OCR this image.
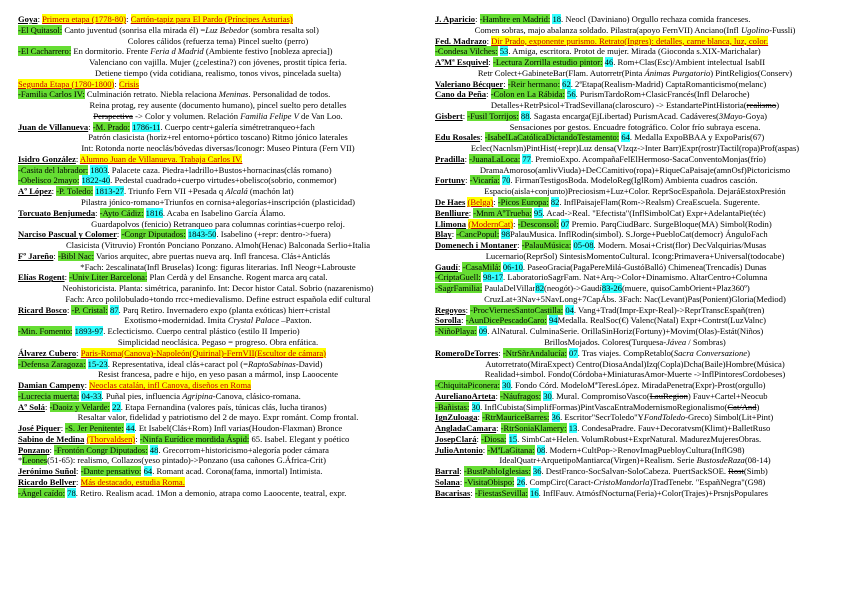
Goya: Primera etapa (1778-80): Cartón-tapiz para El Pardo (Príncipes Asturias)
-El Quitasol: Canto juventud (sonrisa ella mirada él) =Luz Bebedor (sombra resalta sol)
Colores cálidos (refuerza tema) Pincel suelto (perro)
-El Cacharrero: En dormitorio. Frente Feria d Madrid (Ambiente festivo [nobleza aprecia])
Valenciano con vajilla. Mujer (¿celestina?) con jóvenes, prostit típica feria.
Detiene tiempo (vida cotidiana, realismo, tonos vivos, pincelada suelta)
Segunda Etapa (1780-1800): Crisis
-Familia Carlos IV: Culminación retrato. Niebla relaciona Meninas. Personalidad de todos.
Reina protag, rey ausente (documento humano), pincel suelto pero detalles
Perspectiva -> Color y volumen. Relación Familia Felipe V de Van Loo.
Juan de Villanueva: -M. Prado: 1786-11. Cuerpo centr+galería simétretranqueo+fach
Patrón clasicista (horiz+rel entorno+pórtico toscano) Ritmo jónico laterales
Int: Rotonda norte neoclás/bóvedas diversas/Iconogr: Museo Pintura (Fern VII)
Isidro González: Alumno Juan de Villanueva. Trabaja Carlos IV.
-Casita del labrador: 1803. Palacete caza. Piedra+ladrillo+Bustos+hornacinas(clás romano)
-Obelisco 2mayo: 1822-40. Pedestal cuadrado+cuerpo virtudes+obelisco(sobrio, conmemor)
Aº López: -P. Toledo: 1813-27. Triunfo Fern VII +Pesada q Alcalá (machón lat)
Pilastra jónico-romano+Triunfos en cornisa+alegorías+inscripción (plasticidad)
Torcuato Benjumeda: -Ayto Cádiz: 1816. Acaba en Isabelino García Álamo.
Guardapolvos (fenicio) Retranqueo para columnas corintias+cuerpo reloj.
Narciso Pascual y Colomer: -Congr Diputados: 1843-50. Isabelino (+repr: dentro->fuera)
Clasicista (Vitruvio) Frontón Ponciano Ponzano. Almoh(Henac) Balconada Serlio+Italia
Fº Jareño: -Bibl Nac: Varios arquitec, abre puertas nueva arq. Infl francesa. Clás+Anticlás
*Fach: 2escalinata(Infl Bruselas) Icong: figuras literarias. Infl Neogr+Labrouste
Elías Rogent: -Univ Liter Barcelona: Plan Cerdà y del Ensanche. Rogent marca arq catal.
Neohistoricista. Planta: simétrica, paraninfo. Int: Decor histor Catal. Sobrio (nazarenismo)
Fach: Arco polilobulado+tondo rrcc+medievalismo. Define estruct española edif cultural
Ricard Bosco: -P. Cristal: 87. Parq Retiro. Invernadero expo (planta exóticas) hierr+cristal
Exotismo+modernidad. Imita Crystal Palace –Paxton.
-Min. Fomento: 1893-97. Eclecticismo. Cuerpo central plástico (estilo II Imperio)
Simplicidad neoclásica. Pegaso = progreso. Obra enfática.
Álvarez Cubero: Paris-Roma(Canova)-Napoleón(Quirinal)-FernVII(Escultor de cámara)
-Defensa Zaragoza: 15-23. Representativa, ideal clás+caract pol (=RaptoSabinas-David)
Resist francesa, padre e hijo, en yeso pasan a mármol, insp Laoocente
Damian Campeny: Neoclas catalán, infl Canova, diseños en Roma
-Lucrecia muerta: 04-33. Puñal pies, influencia Agripina-Canova, clásico-romana.
Aº Solá: -Daoiz y Velarde: 22. Etapa Fernandina (valores país, túnicas clás, lucha tiranos)
Resaltar valor, fidelidad y patriotismo del 2 de mayo. Expr románt. Comp frontal.
José Piquer: -S. Jer Penitente: 44. Et Isabel(Clás+Rom) Infl varias(Houdon-Flaxman) Bronce
Sabino de Medina (Thorvaldsen): -Ninfa Eurídice mordida Áspid: 65. Isabel. Elegant y poético
Ponzano: -Frontón Congr Diputados: 48. Grecorrom+historicismo+alegoría poder cámara
*Leones(51-65): realismo, Collazos(yeso pintado)->Ponzano (usa cañones G.África-Crit)
Jerónimo Suñol: -Dante pensativo: 64. Romant acad. Corona(fama, inmortal) Intimista.
Ricardo Bellver: Más destacado, estudia Roma.
-Ángel caído: 78. Retiro. Realism acad. 1Mon a demonio, atrapa como Laoocente, teatral, expr.
J. Aparicio: -Hambre en Madrid: 18. Neocl (Daviniano) Orgullo rechaza comida franceses.
Comen sobras, majo abalanza soldado. Pilastra(apoyo FernVII) Anciano(Infl Ugolino-Fussli)
Fed. Madrazo: Dir Prado, exponente purismo. Retrato(Ingres): detalles, carne blanca, luz, color.
-Condesa Vilches: 53. Amiga, escritora. Protot de mujer. Mirada (Gioconda s.XIX-Marichalar)
AºMª Esquivel: -Lectura Zorrilla estudio pintor: 46. Rom+Clas(Esc)/Ambient intelectual IsabII
Retr Colect+GabineteBar(Flam. Autorretr(Pinta Ánimas Purgatorio) PintReligios(Conserv)
Valeriano Bécquer: -Reir hermano: 62. 2ªEtapa(Realism-Madrid) CaptaRomanticismo(melanc)
Cano da Peña: -Colon en La Rábida: 56. PurismTardoRom+ClasicFrancés(Infl Delaroche)
Detalles+RetrPsicol+TradSevillana(claroscuro) -> EstandartePintHistoria(realismo)
Gisbert: -Fusil Torrijos: 88. Sagasta encarga(EjLibertad) PurismAcad. Cadáveres(3Mayo-Goya)
Sensaciones por gestos. Encuadre fotográfico. Color frío subraya escena.
Edu Rosales: -IsabelLaCatólicaDictandoTestamento: 64. Medalla ExpoBBAA y ExpoParis(67)
Eclec(Nacnlsm)PintHist(+repr)Luz densa(Vlzqz->Inter Barr)Expr(rostr)Tactil(ropa)Prof(aspas)
Pradilla: -JuanaLaLoca: 77. PremioExpo. AcompañaFelElHermoso-SacaConventoMonjas(frío)
DramaAmoroso(amlivViuda)+DeCCamitivo(ropa)+RiqueCaPaisaje(amnOsf)Pictoricismo
Fortuny: -Vicaría: 70. FirmanTestigosBoda. ModeloReg(IglRom) Ambienta cuadros casción.
Espacio(aisla+conjunto)Preciosism+Luz+Color. ReprSocEspañola. DejaráEstoxPresión
De Haes (Belga): -Picos Europa: 82. InflPaisajeFlam(Rom->Realsm) CreaEscuela. Sugerente.
Benlliure: -Mnm AºTrueba: 95. Acad->Real. "Efectista"(InflSimbolCat) Expr+AdelantaPie(téc)
Llimona (ModernCat): -Desconsol: 07 Premio. ParqCiudBarc. SurgeBloque(MA) Simbol(Rodin)
Blay: -CancPopul: 98PalauMusica. InflRodin(simbol). S.Jorge+PuebloCat(democr) ÁnguloFach
Domenech i Montaner: -PalauMúsica: 05-08. Modern. Mosai+Crist(flor) DecValquirias/Musas
Lucernario(ReprSol) SintesisMomentoCultural. Icong:Primavera+Universal(todocabe)
Gaudí: -CasaMilá: 06-10. PaseoGracia(PagaPereMilá-GustóBalló) Chimenea(Trencadís) Dunas
-CriptaGuell: 98-17. LaboratorioSagrFam. Nat+Arq->Color+Dinamismo. AltarCentro+Columna
-SagrFamilia: PaulaDelVillar82(neogót)->Gaudí83-26(muere, quisoCambOrient+Plaz360º)
CruzLat+3Nav+5NavLong+7CapÁbs. 3Fach: Nac(Levant)Pas(Ponient)Gloria(Mediod)
Regoyos: -ProcViernesSantoCastilla: 04. Vang+Trad(Impr-Expr-Real)->ReprTranscEspañ(tren)
Sorolla: -AunDicePescadoCaro: 94Medalla. RealSoc(€) Valenc(Natal) Expr+Contrst(LuzValnc)
-NiñoPlaya: 09. AlNatural. CulminaSerie. OrillaSinHoriz(Fortuny)+Movim(Olas)-Estát(Niños)
BrillosMojados. Colores(Turquesa-Jávea / Sombras)
RomeroDeTorres: -NtrSñrAndalucía: 07. Tras viajes. CompRetablo(Sacra Conversazione)
Autorretrato(MiraExpect) Centro(DiosaAndal)Izq(Copla)Dcha(Baile)Hombre(Música)
Realidad+simbol. Fondo(Córdoba+MiniaturasAmor-Muerte ->InflPintoresCordobeses)
-ChiquitaPiconera: 30. Fondo Córd. ModeloMªTeresLópez. MiradaPenetra(Expr)-Prost(orgullo)
AurelianoArteta: -Náufragos: 30. Mural. CompromisoVasco(LauRegion) Fauv+Cartel+Neocub
-Bañistas: 30. InflCubista(SimplifFormas)PintVascaEntraModernismoRegionalismo(Cat/And)
IgnZuloaga: -RtrMauriceBarres: 36. Escritor"SecrToledo"YFondToledo-Greco) Simbol(Lit+Pint)
AngladaCamara: -RtrSoniaKlamery: 13. CondesaPradre. Fauv+Decoratvsm(Klimt)+BalletRuso
JosepClará: -Diosa: 15. SimbCat+Helen. VolumRobust+ExprNatural. MadurezMujeresObras.
JulioAntonio: -MªLaGitana: 08. Modern+CultPop->RenovImagPuebloyCultura(InflG98)
IdealQuatr+ArquetipoMantiarca(Virgen)+Realism. Serie BustosdeRaza(08-14)
Barral: -BustPabloIglesias: 36. DestFranco-SocSalvan-SoloCabeza. PuertSackSOE. Rost(Simb)
Solana: -VisitaObispo: 26. CompCirc(Caract-CristoMandorla)TradTenebr. "EspañNegra"(G98)
Bacarisas: -FiestasSevilla: 16. InflFauv. AtmósfNocturna(Feria)+Color(Trajes)+PrsnjsPopulares
